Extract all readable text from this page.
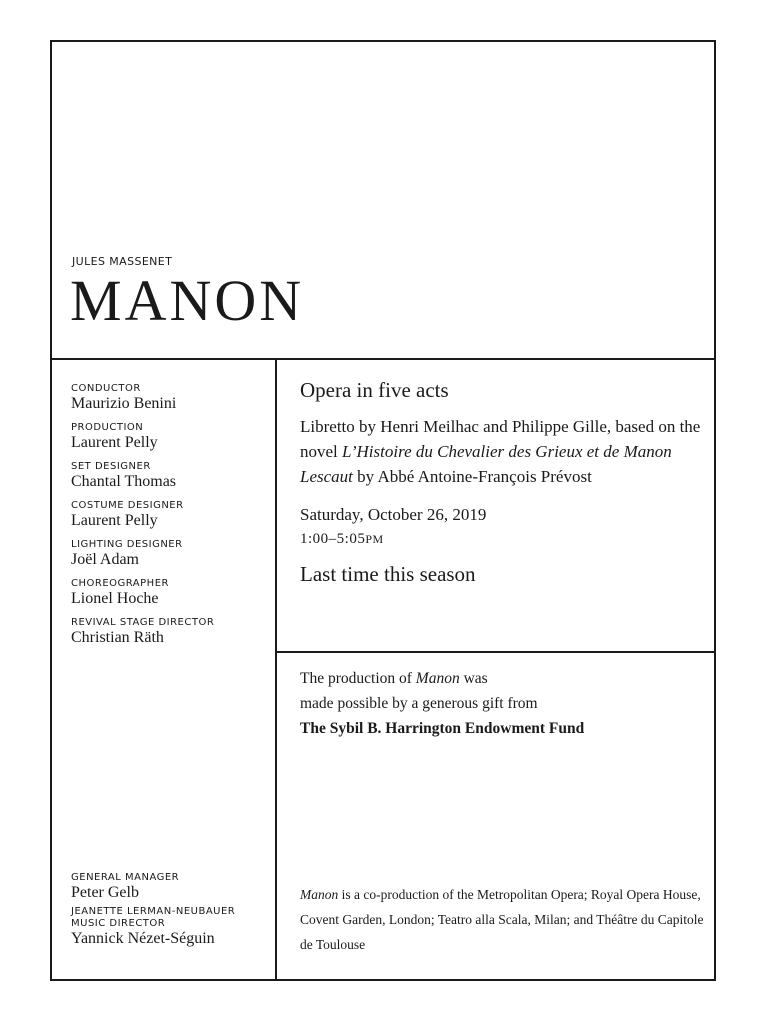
JULES MASSENET
MANON
CONDUCTOR
Maurizio Benini
PRODUCTION
Laurent Pelly
SET DESIGNER
Chantal Thomas
COSTUME DESIGNER
Laurent Pelly
LIGHTING DESIGNER
Joël Adam
CHOREOGRAPHER
Lionel Hoche
REVIVAL STAGE DIRECTOR
Christian Räth
GENERAL MANAGER
Peter Gelb
JEANETTE LERMAN-NEUBAUER
MUSIC DIRECTOR
Yannick Nézet-Séguin
Opera in five acts
Libretto by Henri Meilhac and Philippe Gille, based on the novel L’Histoire du Chevalier des Grieux et de Manon Lescaut by Abbé Antoine-François Prévost
Saturday, October 26, 2019
1:00–5:05PM
Last time this season
The production of Manon was
made possible by a generous gift from
The Sybil B. Harrington Endowment Fund
Manon is a co-production of the Metropolitan Opera; Royal Opera House, Covent Garden, London; Teatro alla Scala, Milan; and Théâtre du Capitole de Toulouse
